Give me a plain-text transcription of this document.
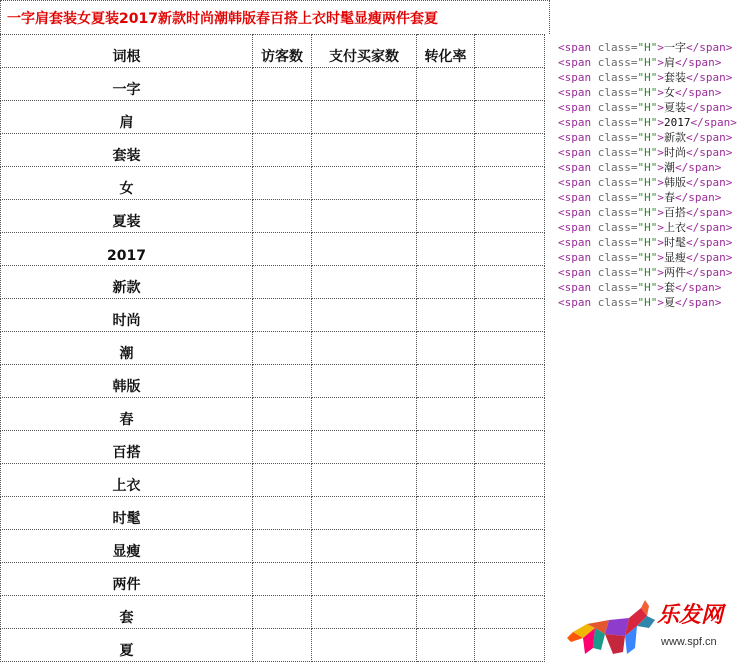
一字肩套装女夏装2017新款时尚潮韩版春百搭上衣时髦显瘦两件套夏
词根	访客数	支付买家数	转化率	

一字				

肩				

套装				

女				

夏装				

2017				

新款				

时尚				

潮				

韩版				

春				

百搭				

上衣				

时髦				

显瘦				

两件				

套				

夏				

<span class="H">一字</span>
<span class="H">肩</span>
<span class="H">套装</span>
<span class="H">女</span>
<span class="H">夏装</span>
<span class="H">2017</span>
<span class="H">新款</span>
<span class="H">时尚</span>
<span class="H">潮</span>
<span class="H">韩版</span>
<span class="H">春</span>
<span class="H">百搭</span>
<span class="H">上衣</span>
<span class="H">时髦</span>
<span class="H">显瘦</span>
<span class="H">两件</span>
<span class="H">套</span>
<span class="H">夏</span>
乐发网
www.spf.cn
